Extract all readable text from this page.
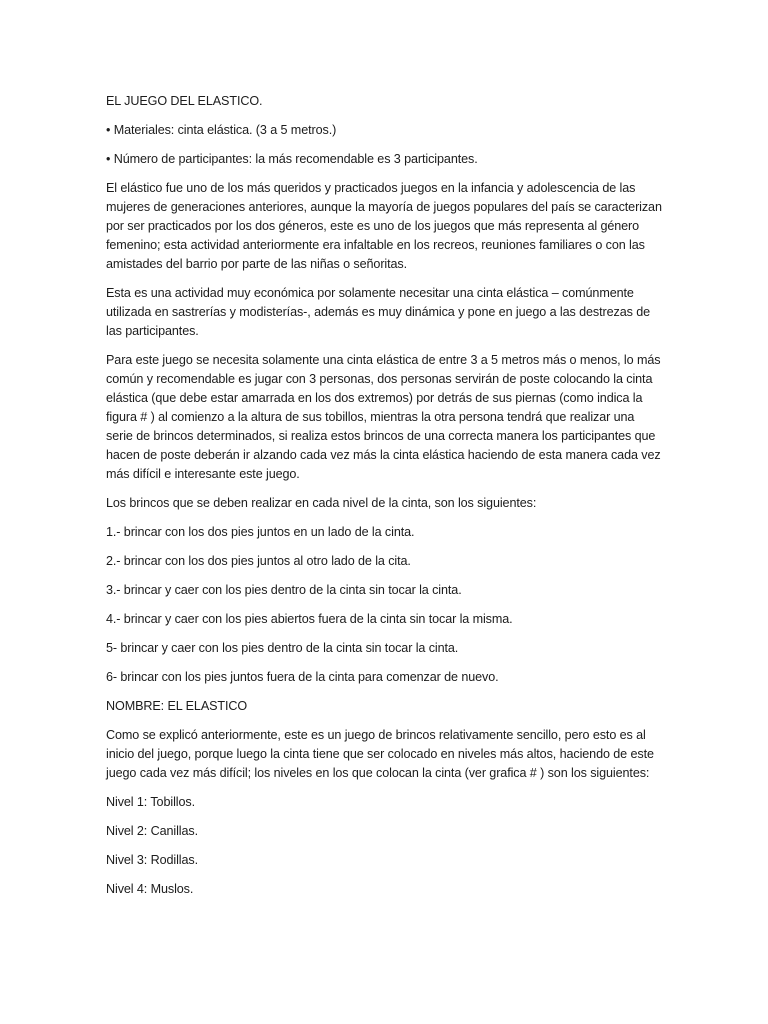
EL JUEGO DEL ELASTICO.

• Materiales: cinta elástica. (3 a 5 metros.)

• Número de participantes: la más recomendable es 3 participantes.

El elástico fue uno de los más queridos y practicados juegos en la infancia y adolescencia de las mujeres de generaciones anteriores, aunque la mayoría de juegos populares del país se caracterizan por ser practicados por los dos géneros, este es uno de los juegos que más representa al género femenino; esta actividad anteriormente era infaltable en los recreos, reuniones familiares o con las amistades del barrio por parte de las niñas o señoritas.

Esta es una actividad muy económica por solamente necesitar una cinta elástica – comúnmente utilizada en sastrerías y modisterías-, además es muy dinámica y pone en juego a las destrezas de las participantes.

Para este juego se necesita solamente una cinta elástica de entre 3 a 5 metros más o menos, lo más común y recomendable es jugar con 3 personas, dos personas servirán de poste colocando la cinta elástica (que debe estar amarrada en los dos extremos) por detrás de sus piernas (como indica la figura # ) al comienzo a la altura de sus tobillos, mientras la otra persona tendrá que realizar una serie de brincos determinados, si realiza estos brincos de una correcta manera los participantes que hacen de poste deberán ir alzando cada vez más la cinta elástica haciendo de esta manera cada vez más difícil e interesante este juego.

Los brincos que se deben realizar en cada nivel de la cinta, son los siguientes:

1.- brincar con los dos pies juntos en un lado de la cinta.

2.- brincar con los dos pies juntos al otro lado de la cita.

3.- brincar y caer con los pies dentro de la cinta sin tocar la cinta.

4.- brincar y caer con los pies abiertos fuera de la cinta sin tocar la misma.

5- brincar y caer con los pies dentro de la cinta sin tocar la cinta.

6- brincar con los pies juntos fuera de la cinta para comenzar de nuevo.

NOMBRE: EL ELASTICO

Como se explicó anteriormente, este es un juego de brincos relativamente sencillo, pero esto es al inicio del juego, porque luego la cinta tiene que ser colocado en niveles más altos, haciendo de este juego cada vez más difícil; los niveles en los que colocan la cinta (ver grafica # ) son los siguientes:

Nivel 1: Tobillos.

Nivel 2: Canillas.

Nivel 3: Rodillas.

Nivel 4: Muslos.
